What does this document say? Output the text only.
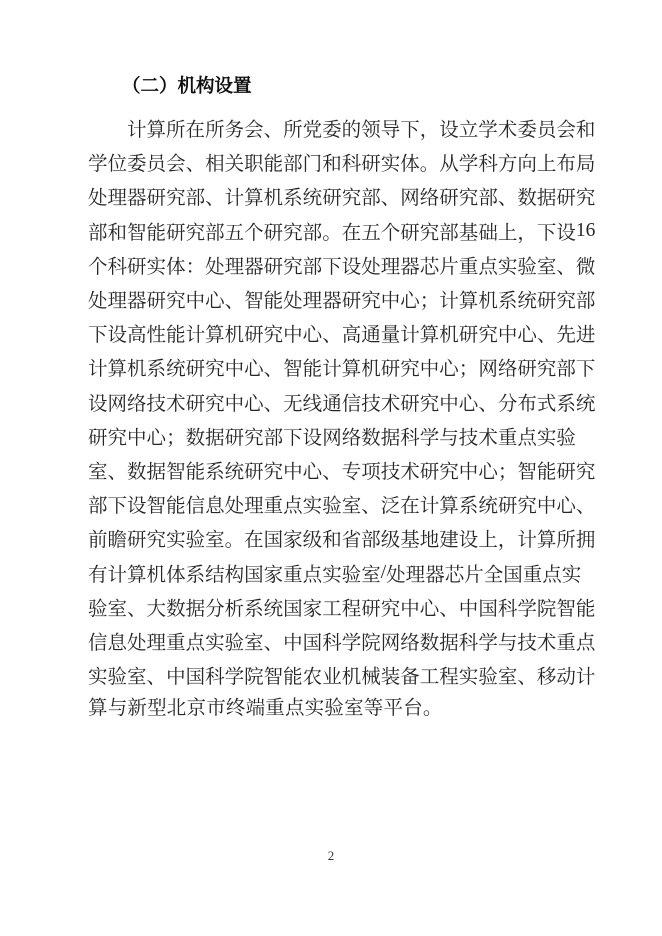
（二）机构设置
计 算 所 在 所 务 会 、 所 党 委 的 领 导 下 ， 设 立 学 术 委 员 会 和
学 位 委 员 会 、 相 关 职 能 部 门 和 科 研 实 体 。 从 学 科 方 向 上 布 局
处 理 器 研 究 部 、 计 算 机 系 统 研 究 部 、 网 络 研 究 部 、 数 据 研 究
部 和 智 能 研 究 部 五 个 研 究 部 。 在 五 个 研 究 部 基 础 上 ， 下 设 16
个 科 研 实 体 ： 处 理 器 研 究 部 下 设 处 理 器 芯 片 重 点 实 验 室 、 微
处 理 器 研 究 中 心 、 智 能 处 理 器 研 究 中 心 ； 计 算 机 系 统 研 究 部
下 设 高 性 能 计 算 机 研 究 中 心 、 高 通 量 计 算 机 研 究 中 心 、 先 进
计 算 机 系 统 研 究 中 心 、 智 能 计 算 机 研 究 中 心 ； 网 络 研 究 部 下
设 网 络 技 术 研 究 中 心 、 无 线 通 信 技 术 研 究 中 心 、 分 布 式 系 统
研 究 中 心 ； 数 据 研 究 部 下 设 网 络 数 据 科 学 与 技 术 重 点 实 验
室 、 数 据 智 能 系 统 研 究 中 心 、 专 项 技 术 研 究 中 心 ； 智 能 研 究
部 下 设 智 能 信 息 处 理 重 点 实 验 室 、 泛 在 计 算 系 统 研 究 中 心 、
前 瞻 研 究 实 验 室 。 在 国 家 级 和 省 部 级 基 地 建 设 上 ， 计 算 所 拥
有 计 算 机 体 系 结 构 国 家 重 点 实 验 室 / 处 理 器 芯 片 全 国 重 点 实
验 室 、 大 数 据 分 析 系 统 国 家 工 程 研 究 中 心 、 中 国 科 学 院 智 能
信 息 处 理 重 点 实 验 室 、 中 国 科 学 院 网 络 数 据 科 学 与 技 术 重 点
实 验 室 、 中 国 科 学 院 智 能 农 业 机 械 装 备 工 程 实 验 室 、 移 动 计
算与新型北京市终端重点实验室等平台。
2
